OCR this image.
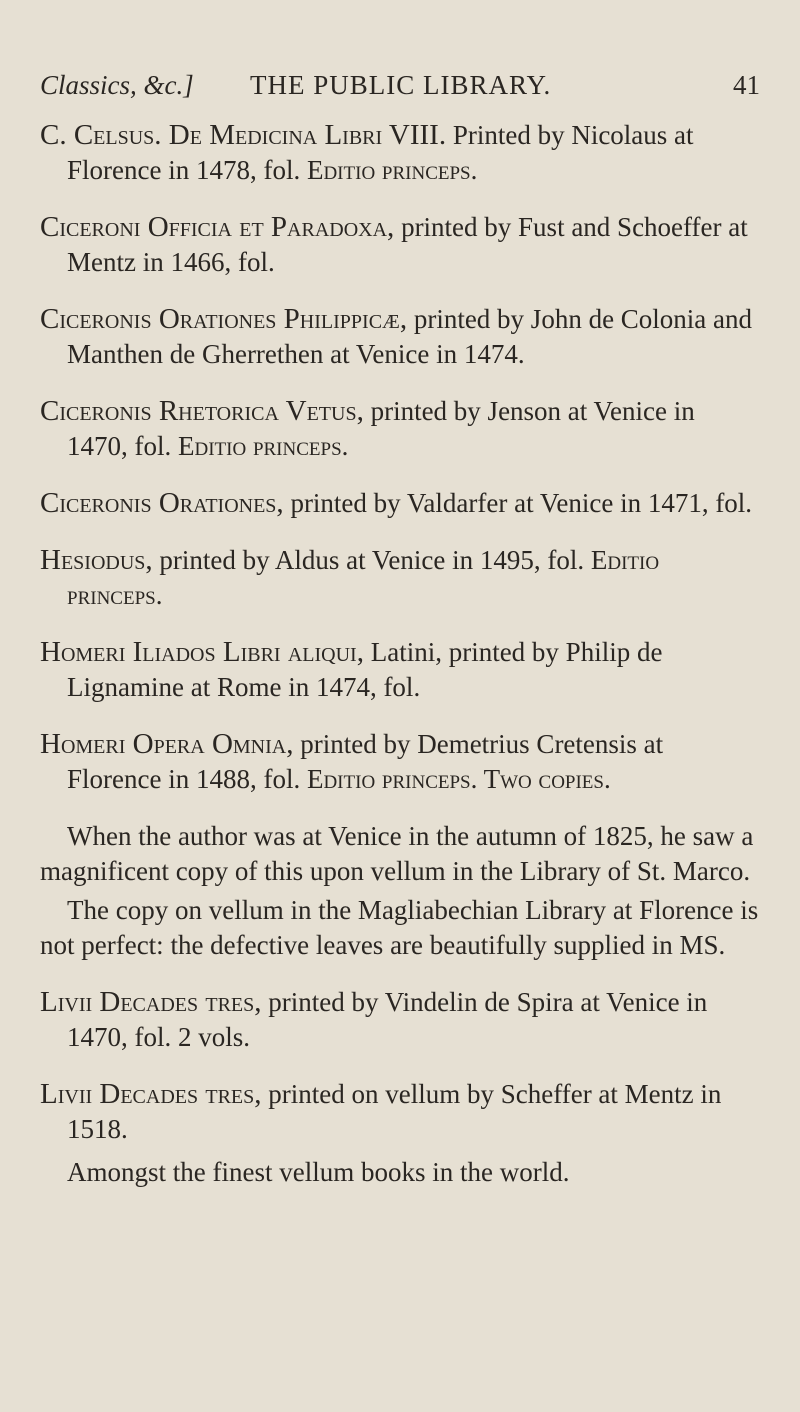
Classics, &c.] THE PUBLIC LIBRARY.	41

C. Celsus. De Medicina Libri VIII. Printed by Nicolaus at Florence in 1478, fol. Editio princeps.

Ciceroni Officia et Paradoxa, printed by Fust and Schoeffer at Mentz in 1466, fol.

Ciceronis Orationes Philippicæ, printed by John de Colonia and Manthen de Gherrethen at Venice in 1474.

Ciceronis Rhetorica Vetus, printed by Jenson at Venice in 1470, fol. Editio princeps.

Ciceronis Orationes, printed by Valdarfer at Venice in 1471, fol.

Hesiodus, printed by Aldus at Venice in 1495, fol. Editio princeps.

Homeri Iliados Libri aliqui, Latini, printed by Philip de Lignamine at Rome in 1474, fol.

Homeri Opera Omnia, printed by Demetrius Cretensis at Florence in 1488, fol. Editio princeps. Two copies.

When the author was at Venice in the autumn of 1825, he saw a magnificent copy of this upon vellum in the Library of St. Marco.

The copy on vellum in the Magliabechian Library at Florence is not perfect: the defective leaves are beautifully supplied in MS.

Livii Decades tres, printed by Vindelin de Spira at Venice in 1470, fol. 2 vols.

Livii Decades tres, printed on vellum by Scheffer at Mentz in 1518.

Amongst the finest vellum books in the world.
